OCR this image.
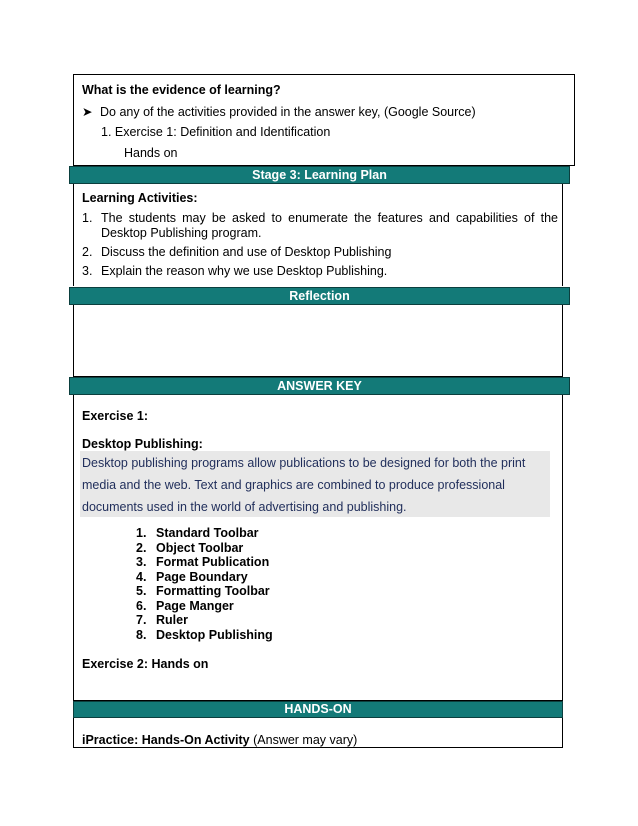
What is the evidence of learning?
➤ Do any of the activities provided in the answer key, (Google Source)
1. Exercise 1: Definition and Identification
Hands on
Stage 3: Learning Plan
Learning Activities:
1. The students may be asked to enumerate the features and capabilities of the Desktop Publishing program.
2. Discuss the definition and use of Desktop Publishing
3. Explain the reason why we use Desktop Publishing.
Reflection
ANSWER KEY
Exercise 1:
Desktop Publishing:
Desktop publishing programs allow publications to be designed for both the print media and the web. Text and graphics are combined to produce professional documents used in the world of advertising and publishing.
1. Standard Toolbar
2. Object Toolbar
3. Format Publication
4. Page Boundary
5. Formatting Toolbar
6. Page Manger
7. Ruler
8. Desktop Publishing
Exercise 2: Hands on
HANDS-ON
iPractice: Hands-On Activity (Answer may vary)
